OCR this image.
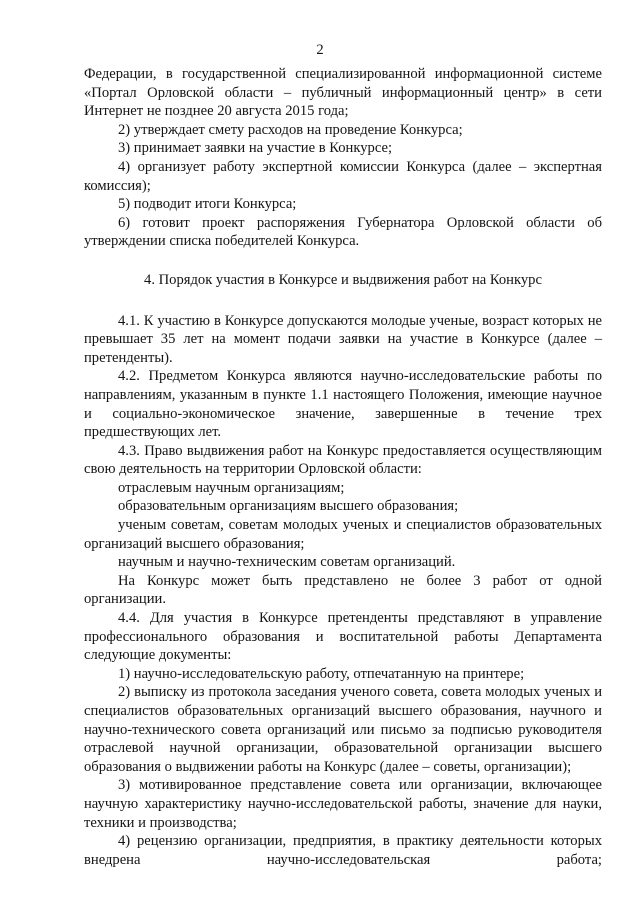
2

Федерации, в государственной специализированной информационной системе «Портал Орловской области – публичный информационный центр» в сети Интернет не позднее 20 августа 2015 года;

2) утверждает смету расходов на проведение Конкурса;

3) принимает заявки на участие в Конкурсе;

4) организует работу экспертной комиссии Конкурса (далее – экспертная комиссия);

5) подводит итоги Конкурса;

6) готовит проект распоряжения Губернатора Орловской области об утверждении списка победителей Конкурса.

4. Порядок участия в Конкурсе и выдвижения работ на Конкурс

4.1. К участию в Конкурсе допускаются молодые ученые, возраст которых не превышает 35 лет на момент подачи заявки на участие в Конкурсе (далее – претенденты).

4.2. Предметом Конкурса являются научно-исследовательские работы по направлениям, указанным в пункте 1.1 настоящего Положения, имеющие научное и социально-экономическое значение, завершенные в течение трех предшествующих лет.

4.3. Право выдвижения работ на Конкурс предоставляется осуществляющим свою деятельность на территории Орловской области:

отраслевым научным организациям;

образовательным организациям высшего образования;

ученым советам, советам молодых ученых и специалистов образовательных организаций высшего образования;

научным и научно-техническим советам организаций.

На Конкурс может быть представлено не более 3 работ от одной организации.

4.4. Для участия в Конкурсе претенденты представляют в управление профессионального образования и воспитательной работы Департамента следующие документы:

1) научно-исследовательскую работу, отпечатанную на принтере;

2) выписку из протокола заседания ученого совета, совета молодых ученых и специалистов образовательных организаций высшего образования, научного и научно-технического совета организаций или письмо за подписью руководителя отраслевой научной организации, образовательной организации высшего образования о выдвижении работы на Конкурс (далее – советы, организации);

3) мотивированное представление совета или организации, включающее научную характеристику научно-исследовательской работы, значение для науки, техники и производства;

4) рецензию организации, предприятия, в практику деятельности которых внедрена научно-исследовательская работа;
